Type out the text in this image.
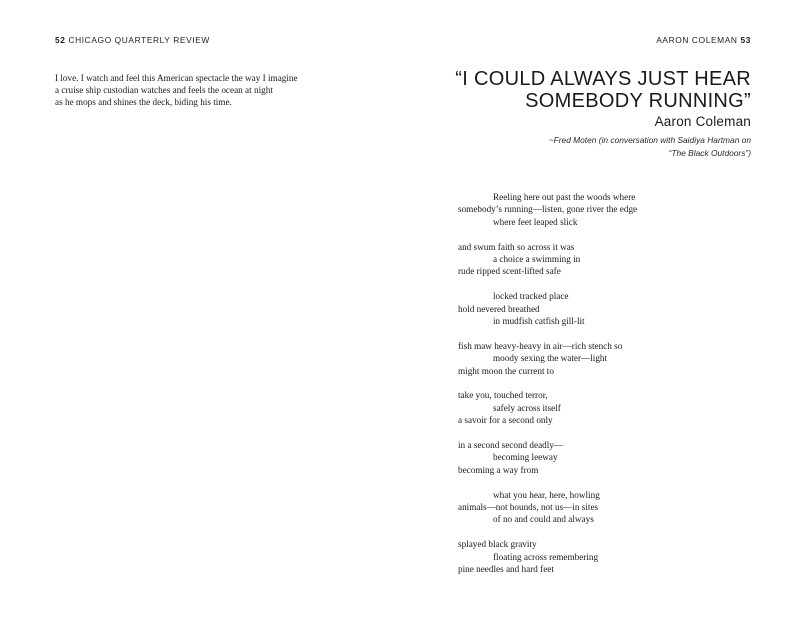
52 CHICAGO QUARTERLY REVIEW
I love. I watch and feel this American spectacle the way I imagine
a cruise ship custodian watches and feels the ocean at night
as he mops and shines the deck, biding his time.
AARON COLEMAN 53
“I COULD ALWAYS JUST HEAR
SOMEBODY RUNNING”
Aaron Coleman
~Fred Moten (in conversation with Saidiya Hartman on
“The Black Outdoors”)
Reeling here out past the woods where
somebody’s running—listen, gone river the edge
where feet leaped slick
and swum faith so across it was
a choice a swimming in
rude ripped scent-lifted safe
locked tracked place
hold nevered breathed
in mudfish catfish gill-lit
fish maw heavy-heavy in air—rich stench so
moody sexing the water—light
might moon the current to
take you, touched terror,
safely across itself
a savoir for a second only
in a second second deadly—
becoming leeway
becoming a way from
what you hear, here, howling
animals—not hounds, not us—in sites
of no and could and always
splayed black gravity
floating across remembering
pine needles and hard feet
